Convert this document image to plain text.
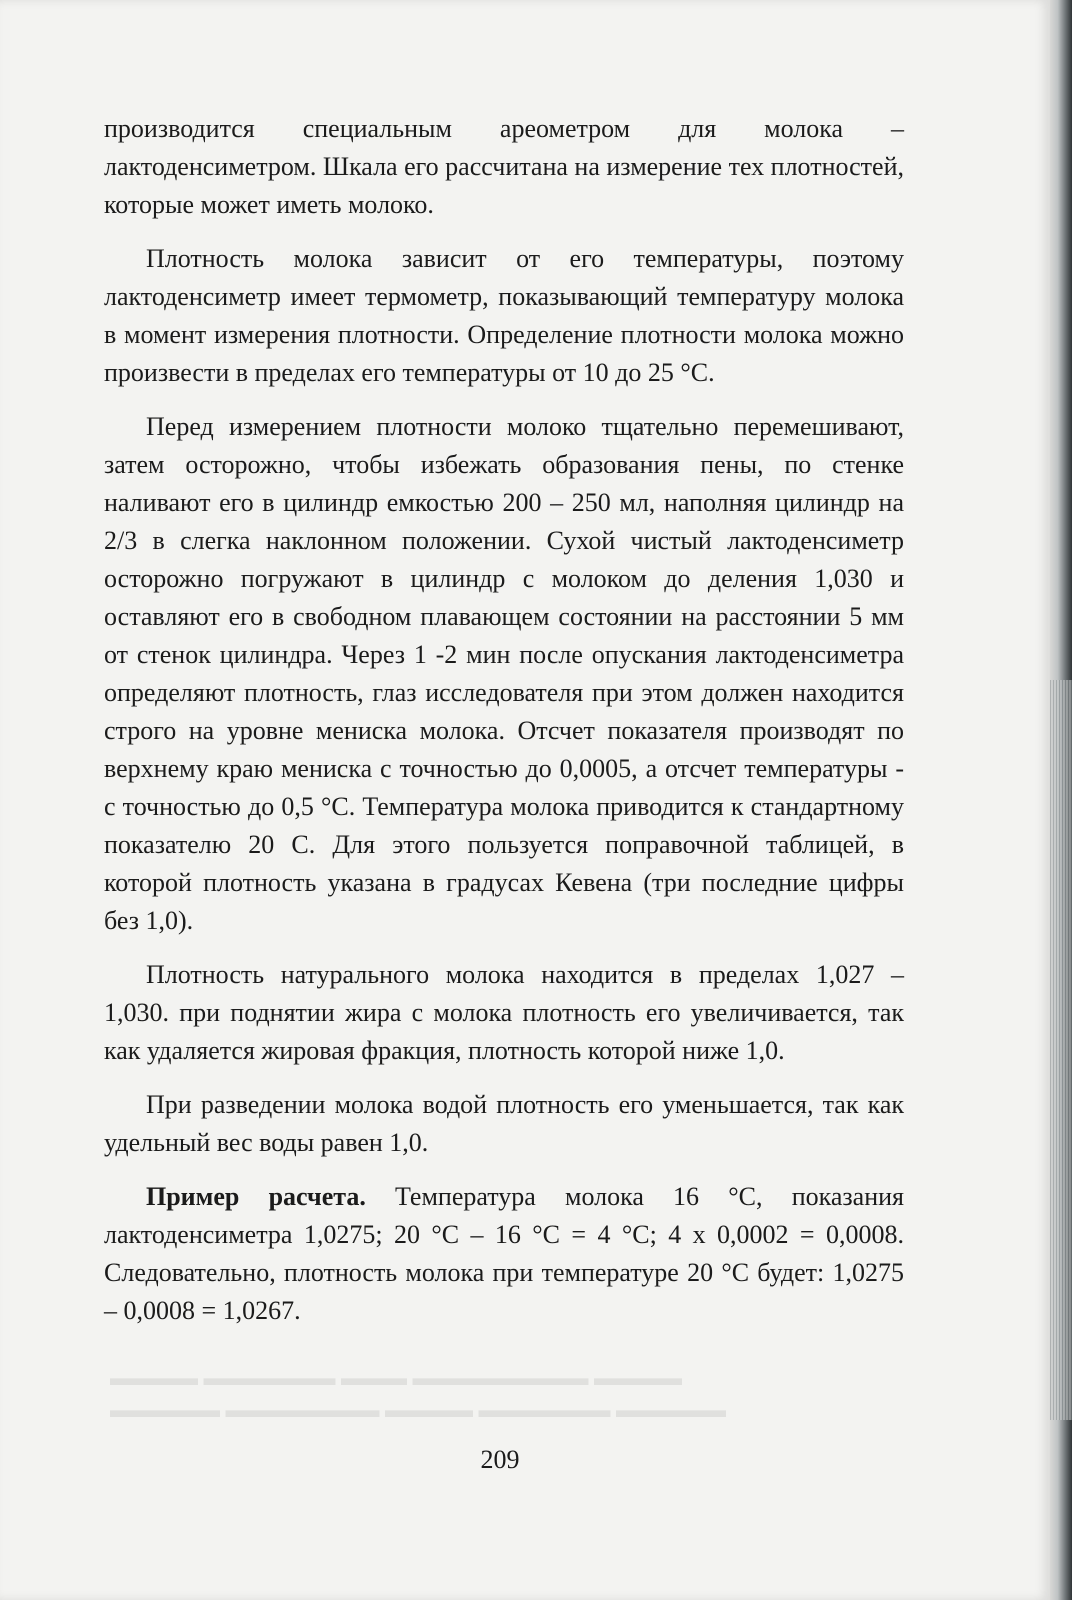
▬▬▬▬ ▬▬▬▬▬▬ ▬▬▬ ▬▬▬▬▬▬▬▬ ▬▬▬▬
▬▬▬▬▬ ▬▬▬▬▬▬▬ ▬▬▬▬ ▬▬▬▬▬▬ ▬▬▬▬▬

производится специальным ареометром для молока – лактоденсиметром. Шкала его рассчитана на измерение тех плотностей, которые может иметь молоко.

Плотность молока зависит от его температуры, поэтому лактоденсиметр имеет термометр, показывающий температуру молока в момент измерения плотности. Определение плотности молока можно произвести в пределах его температуры от 10 до 25 °С.

Перед измерением плотности молоко тщательно перемешивают, затем осторожно, чтобы избежать образования пены, по стенке наливают его в цилиндр емкостью 200 – 250 мл, наполняя цилиндр на 2/3 в слегка наклонном положении. Сухой чистый лактоденсиметр осторожно погружают в цилиндр с молоком до деления 1,030 и оставляют его в свободном плавающем состоянии на расстоянии 5 мм от стенок цилиндра. Через 1 -2 мин после опускания лактоденсиметра определяют плотность, глаз исследователя при этом должен находится строго на уровне мениска молока. Отсчет показателя производят по верхнему краю мениска с точностью до 0,0005, а отсчет температуры - с точностью до 0,5 °С. Температура молока приводится к стандартному показателю 20 С. Для этого пользуется поправочной таблицей, в которой плотность указана в градусах Кевена (три последние цифры без 1,0).

Плотность натурального молока находится в пределах 1,027 – 1,030. при поднятии жира с молока плотность его увеличивается, так как удаляется жировая фракция, плотность которой ниже 1,0.

При разведении молока водой плотность его уменьшается, так как удельный вес воды равен 1,0.

Пример расчета. Температура молока 16 °С, показания лактоденсиметра 1,0275; 20 °С – 16 °С = 4 °С; 4 х 0,0002 = 0,0008. Следовательно, плотность молока при температуре 20 °С будет: 1,0275 – 0,0008 = 1,0267.

209
